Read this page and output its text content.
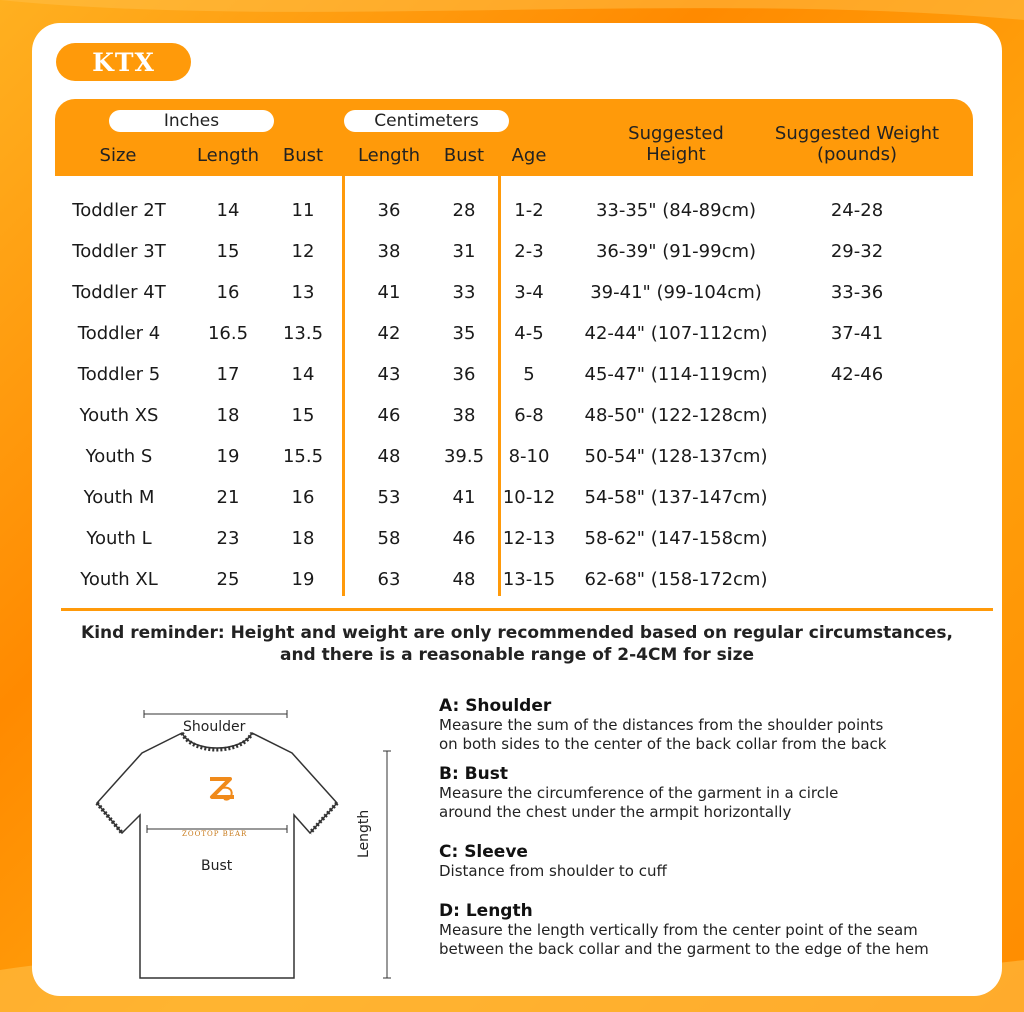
KTX
Inches	Centimeters
Size	Length Bust Length Bust Age
Suggested
Height
Suggested Weight
(pounds)
Toddler 2T	14	11	36	28 1-2	33-35" (84-89cm)	24-28
Toddler 3T	15	12	38	31 2-3	36-39" (91-99cm)	29-32
Toddler 4T	16	13	41	33 3-4	39-41" (99-104cm)	33-36
Toddler 4	16.5 13.5	42	35 4-5 42-44" (107-112cm)	37-41
Toddler 5	17	14	43	36	5	45-47" (114-119cm)	42-46
Youth XS	18	15	46	38 6-8 48-50" (122-128cm)
Youth S	19 15.5	48 39.5 8-10 50-54" (128-137cm)
Youth M	21	16	53	41 10-12 54-58" (137-147cm)
Youth L	23	18	58	46 12-13 58-62" (147-158cm)
Youth XL	25	19	63	48 13-15 62-68" (158-172cm)
Kind reminder: Height and weight are only recommended based on regular circumstances,
and there is a reasonable range of 2-4CM for size
Shoulder
Bust
ZOOTOP BEAR	Length
A: Shoulder
Measure the sum of the distances from the shoulder points
on both sides to the center of the back collar from the back
B: Bust
Measure the circumference of the garment in a circle
around the chest under the armpit horizontally
C: Sleeve
Distance from shoulder to cuff
D: Length
Measure the length vertically from the center point of the seam
between the back collar and the garment to the edge of the hem
